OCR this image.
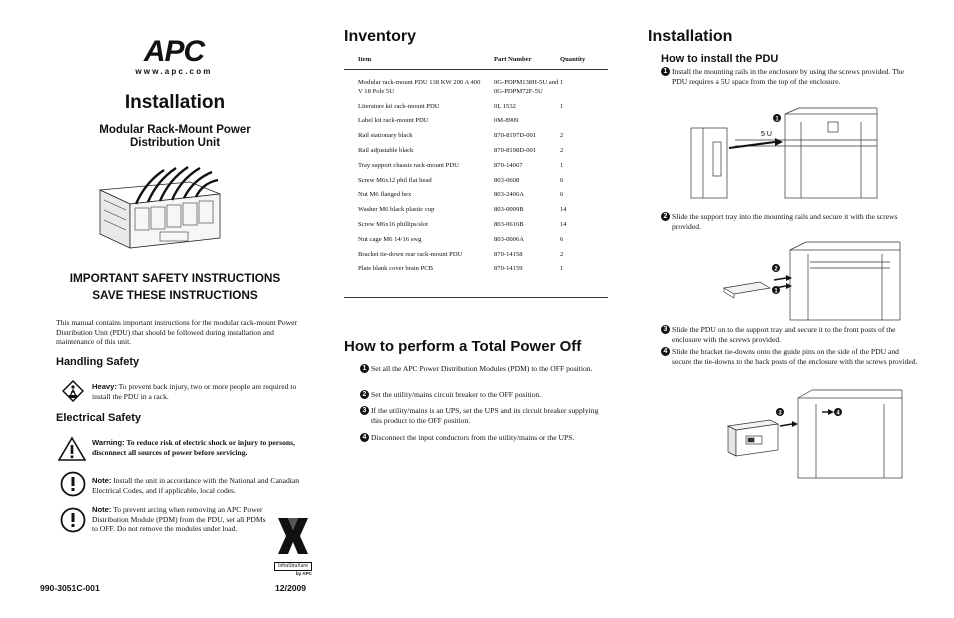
APC
www.apc.com
Installation
Modular Rack-Mount Power Distribution Unit
IMPORTANT SAFETY INSTRUCTIONS
SAVE THESE INSTRUCTIONS
This manual contains important instructions for the modular rack-mount Power Distribution Unit (PDU) that should be followed during installation and maintenance of this unit.
Handling Safety
Heavy: To prevent back injury, two or more people are required to install the PDU in a rack.
Electrical Safety
Warning: To reduce risk of electric shock or injury to persons, disconnect all sources of power before servicing.
Note: Install the unit in accordance with the National and Canadian Electrical Codes, and if applicable, local codes.
Note: To prevent arcing when removing an APC Power Distribution Module (PDM) from the PDU, set all PDMs to OFF. Do not remove the modules under load.
InfraStruXure
by APC
990-3051C-001	12/2009
Inventory
Item	Part Number	Quantity
Modular rack-mount PDU 138 KW 200 A 400 V 18 Pole 5U	0G-PDPM138H-5U and 0G-PDPM72F-5U	1
Literature kit rack-mount PDU	0L 1532	1
Label kit rack-mount PDU	0M-8909	
Rail stationary black	870-8197D-001	2
Rail adjustable black	870-8198D-001	2
Tray support chassis rack-mount PDU	870-14067	1
Screw M6x12 phil flat head	803-0608	6
Nut M6 flanged hex	803-2406A	6
Washer M6 black plastic cup	803-0009B	14
Screw M6x16 phillips/slot	803-0616B	14
Nut cage M6 14/16 swg	803-0006A	6
Bracket tie-down rear rack-mount PDU	870-14158	2
Plate blank cover brain PCB	870-14159	1
How to perform a Total Power Off
1 Set all the APC Power Distribution Modules (PDM) to the OFF position.
2 Set the utility/mains circuit breaker to the OFF position.
3 If the utility/mains is an UPS, set the UPS and its circuit breaker supplying this product to the OFF position.
4 Disconnect the input conductors from the utility/mains or the UPS.
Installation
How to install the PDU
1 Install the mounting rails in the enclosure by using the screws provided. The PDU requires a 5U space from the top of the enclosure.
5 U
1
2 Slide the support tray into the mounting rails and secure it with the screws provided.
2
1
3 Slide the PDU on to the support tray and secure it to the front posts of the enclosure with the screws provided.
4 Slide the bracket tie-downs onto the guide pins on the side of the PDU and secure the tie-downs to the back posts of the enclosure with the screws provided.
3	4
